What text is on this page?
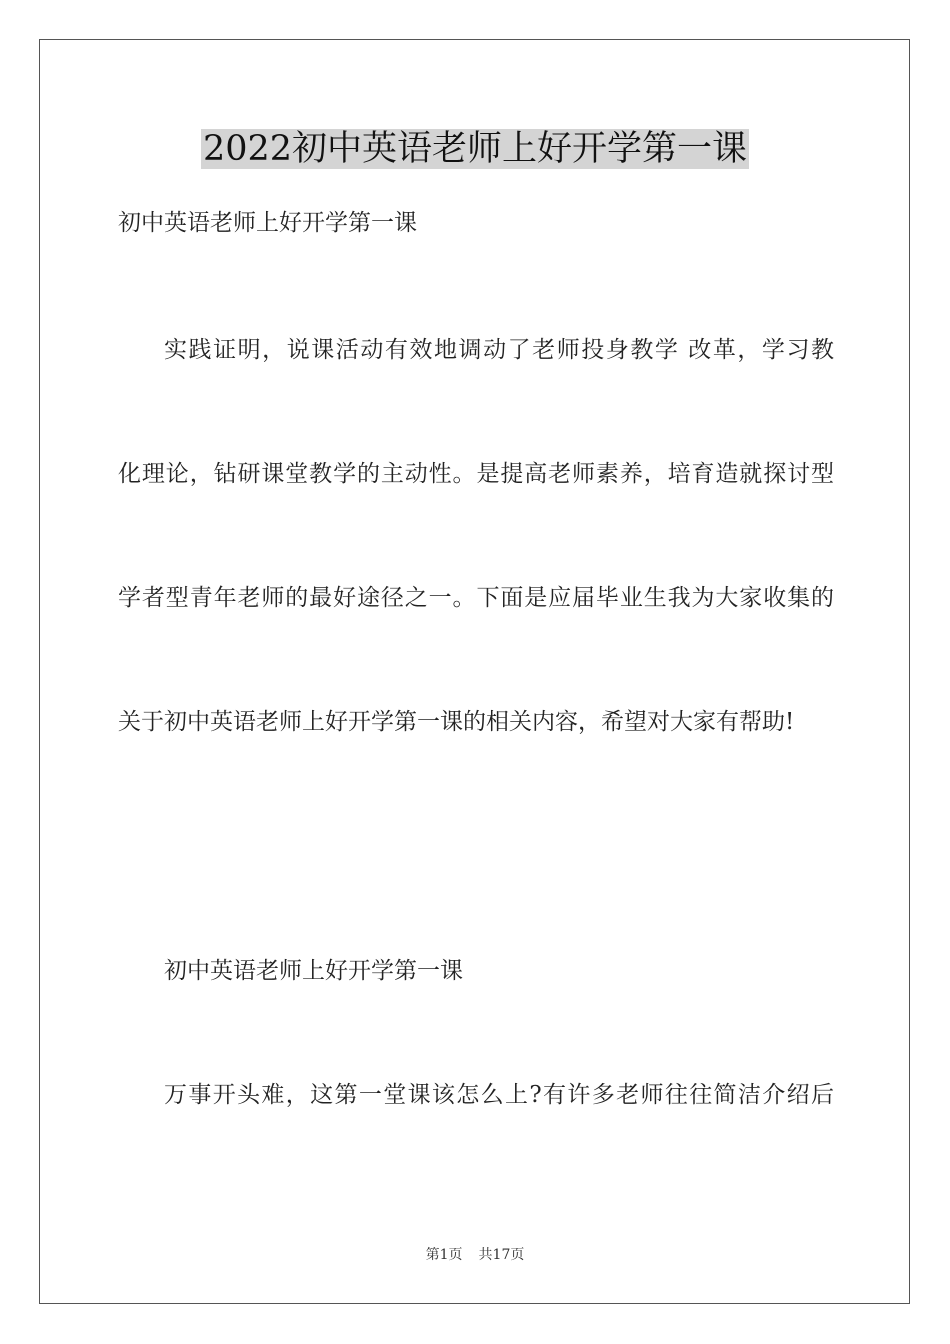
2022初中英语老师上好开学第一课
初中英语老师上好开学第一课
实践证明，说课活动有效地调动了老师投身教学 改革，学习教
化理论，钻研课堂教学的主动性。是提高老师素养，培育造就探讨型
学者型青年老师的最好途径之一。下面是应届毕业生我为大家收集的
关于初中英语老师上好开学第一课的相关内容，希望对大家有帮助!
初中英语老师上好开学第一课
万事开头难，这第一堂课该怎么上?有许多老师往往简洁介绍后
第1页 共17页
